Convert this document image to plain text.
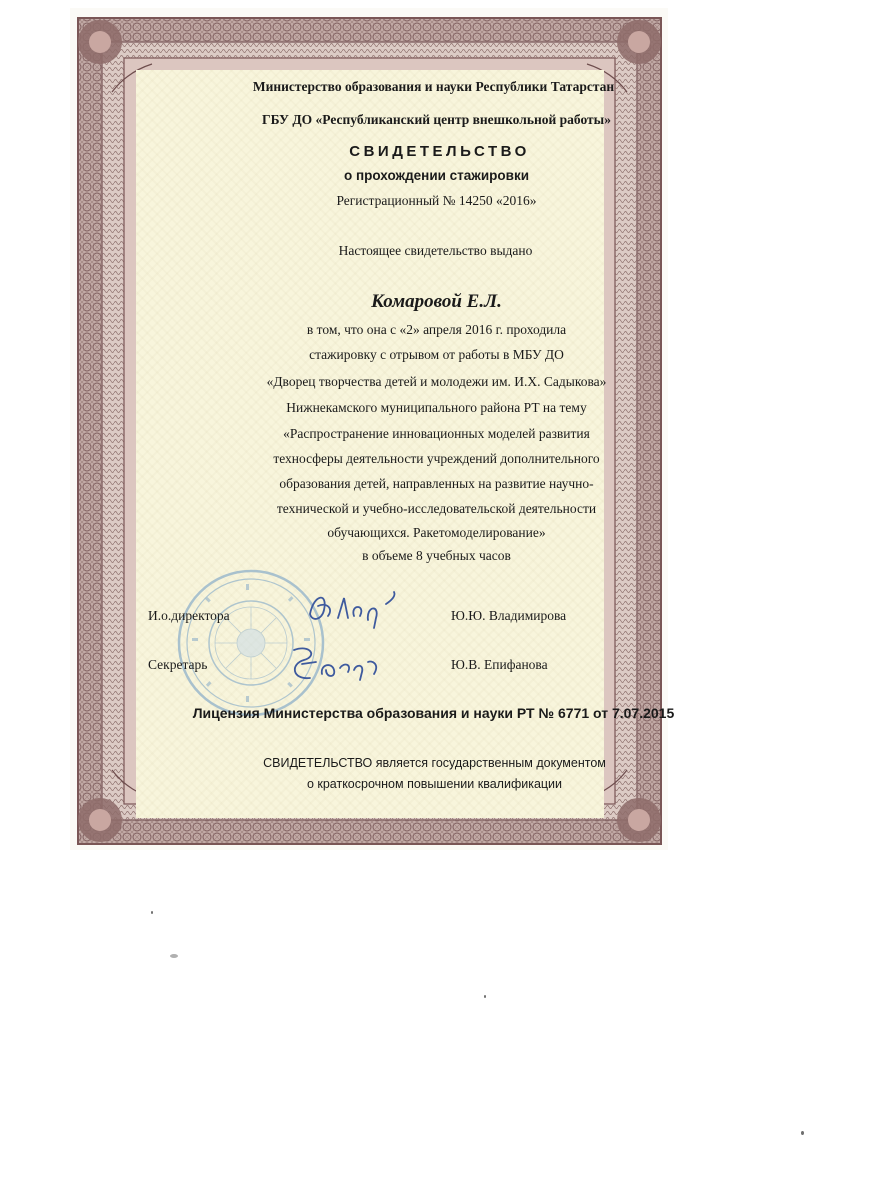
Министерство образования и науки Республики Татарстан
ГБУ ДО «Республиканский центр внешкольной работы»
СВИДЕТЕЛЬСТВО
о прохождении стажировки
Регистрационный № 14250 «2016»
Настоящее свидетельство выдано
Комаровой Е.Л.
в том, что она с «2» апреля 2016 г. проходила
стажировку с отрывом от работы в МБУ ДО
«Дворец творчества детей и молодежи им. И.Х. Садыкова»
Нижнекамского муниципального района РТ на тему
«Распространение инновационных моделей развития
техносферы деятельности учреждений дополнительного
образования детей, направленных на развитие научно-
технической и учебно-исследовательской деятельности
обучающихся. Ракетомоделирование»
в объеме 8 учебных часов
И.о.директора	Ю.Ю. Владимирова
Секретарь	Ю.В. Епифанова
Лицензия Министерства образования и науки РТ № 6771 от 7.07.2015
СВИДЕТЕЛЬСТВО является государственным документом
о краткосрочном повышении квалификации
